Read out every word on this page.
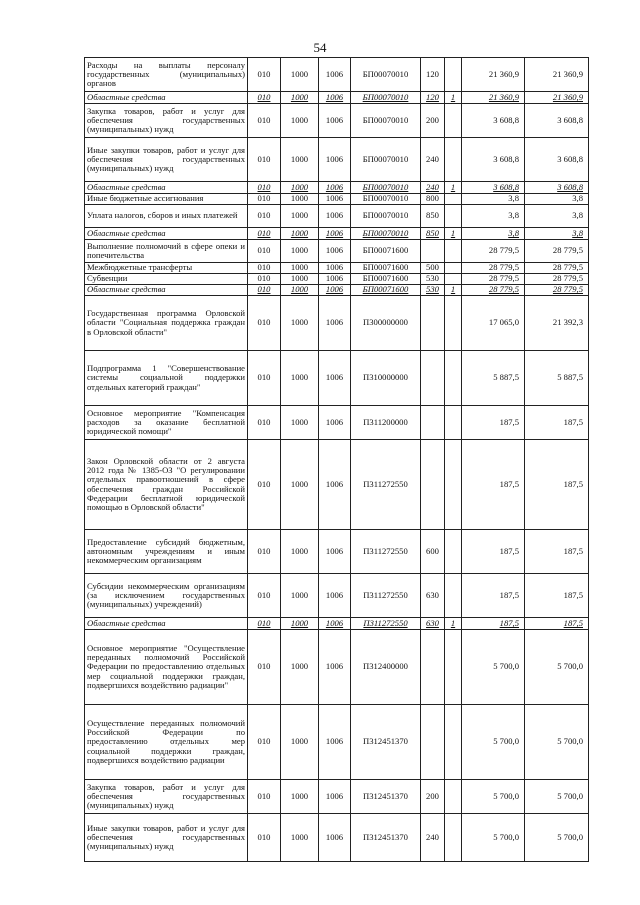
54
Расходы на выплаты персоналу государственных (муниципальных) органов	010	1000	1006	БП00070010	120		21 360,9	21 360,9
Областные средства	010	1000	1006	БП00070010	120	1	21 360,9	21 360,9
Закупка товаров, работ и услуг для обеспечения государственных (муниципальных) нужд	010	1000	1006	БП00070010	200		3 608,8	3 608,8
Иные закупки товаров, работ и услуг для обеспечения государственных (муниципальных) нужд	010	1000	1006	БП00070010	240		3 608,8	3 608,8
Областные средства	010	1000	1006	БП00070010	240	1	3 608,8	3 608,8
Иные бюджетные ассигнования	010	1000	1006	БП00070010	800		3,8	3,8
Уплата налогов, сборов и иных платежей	010	1000	1006	БП00070010	850		3,8	3,8
Областные средства	010	1000	1006	БП00070010	850	1	3,8	3,8
Выполнение полномочий в сфере опеки и попечительства	010	1000	1006	БП00071600			28 779,5	28 779,5
Межбюджетные трансферты	010	1000	1006	БП00071600	500		28 779,5	28 779,5
Субвенции	010	1000	1006	БП00071600	530		28 779,5	28 779,5
Областные средства	010	1000	1006	БП00071600	530	1	28 779,5	28 779,5
Государственная программа Орловской области "Социальная поддержка граждан в Орловской области"	010	1000	1006	П300000000			17 065,0	21 392,3
Подпрограмма 1 "Совершенствование системы социальной поддержки отдельных категорий граждан"	010	1000	1006	П310000000			5 887,5	5 887,5
Основное мероприятие "Компенсация расходов за оказание бесплатной юридической помощи"	010	1000	1006	П311200000			187,5	187,5
Закон Орловской области от 2 августа 2012 года № 1385-ОЗ "О регулировании отдельных правоотношений в сфере обеспечения граждан Российской Федерации бесплатной юридической помощью в Орловской области"	010	1000	1006	П311272550			187,5	187,5
Предоставление субсидий бюджетным, автономным учреждениям и иным некоммерческим организациям	010	1000	1006	П311272550	600		187,5	187,5
Субсидии некоммерческим организациям (за исключением государственных (муниципальных) учреждений)	010	1000	1006	П311272550	630		187,5	187,5
Областные средства	010	1000	1006	П311272550	630	1	187,5	187,5
Основное мероприятие "Осуществление переданных полномочий Российской Федерации по предоставлению отдельных мер социальной поддержки граждан, подвергшихся воздействию радиации"	010	1000	1006	П312400000			5 700,0	5 700,0
Осуществление переданных полномочий Российской Федерации по предоставлению отдельных мер социальной поддержки граждан, подвергшихся воздействию радиации	010	1000	1006	П312451370			5 700,0	5 700,0
Закупка товаров, работ и услуг для обеспечения государственных (муниципальных) нужд	010	1000	1006	П312451370	200		5 700,0	5 700,0
Иные закупки товаров, работ и услуг для обеспечения государственных (муниципальных) нужд	010	1000	1006	П312451370	240		5 700,0	5 700,0
